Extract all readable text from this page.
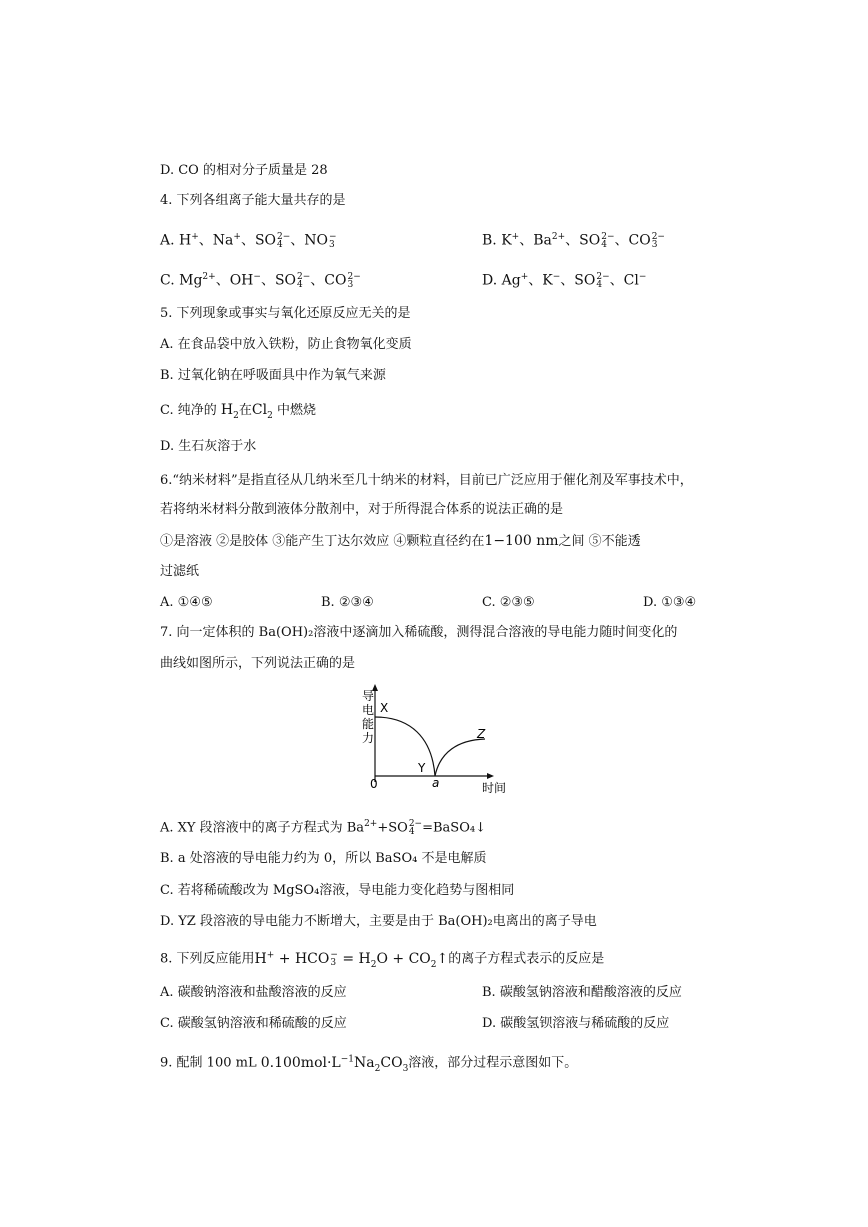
D. CO 的相对分子质量是 28
4. 下列各组离子能大量共存的是
A. H+、Na+、SO 2−
4 、NO −
3	B. K+、$Ba^{2+}$、SO 2−
4 、CO 2−
3
C. $Mg^{2+}$、OH−、SO 2−
4 、CO 2−
3	D. Ag+、K−、SO 2−
4 、Cl−
5. 下列现象或事实与氧化还原反应无关的是
A. 在食品袋中放入铁粉，防止食物氧化变质
B. 过氧化钠在呼吸面具中作为氧气来源
C. 纯净的 $H_2$在$Cl_2$ 中燃烧
D. 生石灰溶于水
6.“纳米材料”是指直径从几纳米至几十纳米的材料，目前已广泛应用于催化剂及军事技术中，
若将纳米材料分散到液体分散剂中，对于所得混合体系的说法正确的是
①是溶液 ②是胶体 ③能产生丁达尔效应 ④颗粒直径约在1−100 nm之间 ⑤不能透
过滤纸
A. ①④⑤	B. ②③④	C. ②③⑤	D. ①③④
7. 向一定体积的 Ba(OH)₂溶液中逐滴加入稀硫酸，测得混合溶液的导电能力随时间变化的
曲线如图所示，下列说法正确的是
导
电
能
力
X
Y
Z
a
0	时间
A. XY 段溶液中的离子方程式为 $Ba^{2+}+SO$ 2−
4 =BaSO₄↓
B. a 处溶液的导电能力约为 0，所以 BaSO₄ 不是电解质
C. 若将稀硫酸改为 MgSO₄溶液，导电能力变化趋势与图相同
D. YZ 段溶液的导电能力不断增大，主要是由于 Ba(OH)₂电离出的离子导电
8. 下列反应能用H+ + HCO −
$3 = H_2O$ + $CO_2↑$的离子方程式表示的反应是
A. 碳酸钠溶液和盐酸溶液的反应	B. 碳酸氢钠溶液和醋酸溶液的反应
C. 碳酸氢钠溶液和稀硫酸的反应	D. 碳酸氢钡溶液与稀硫酸的反应
9. 配制 100 mL $0.100mol\cdot L^{-1}Na_2CO_3$溶液，部分过程示意图如下。
